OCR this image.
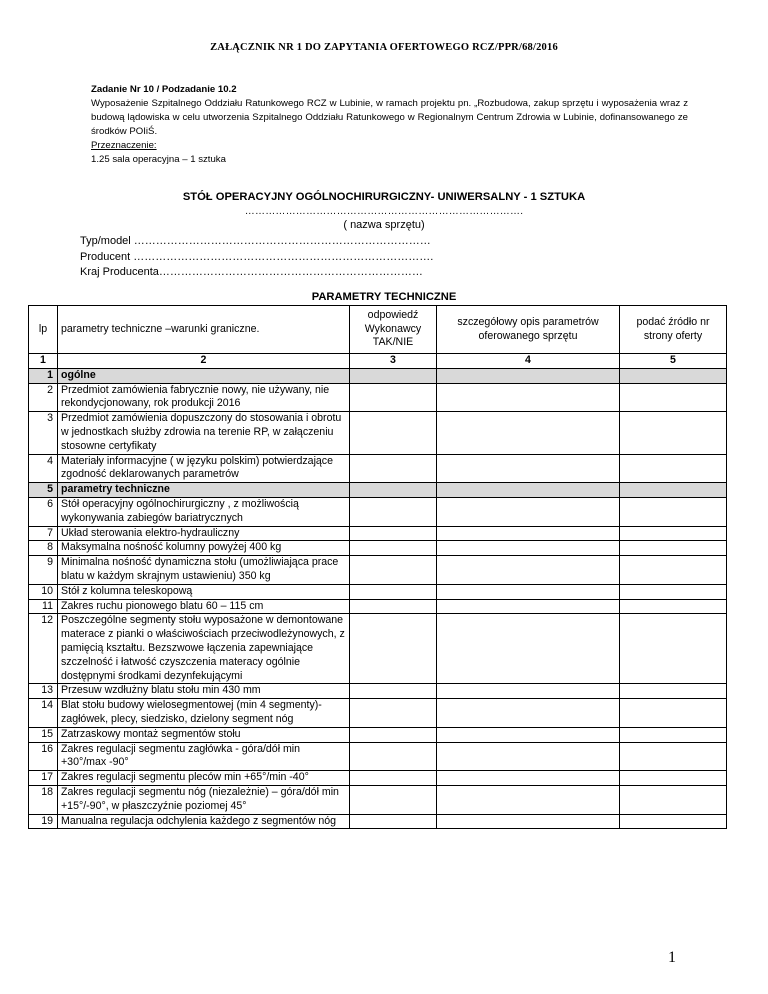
ZAŁĄCZNIK NR 1 DO ZAPYTANIA OFERTOWEGO RCZ/PPR/68/2016
Zadanie Nr 10 / Podzadanie 10.2
Wyposażenie Szpitalnego Oddziału Ratunkowego RCZ w Lubinie, w ramach projektu pn. „Rozbudowa, zakup sprzętu i wyposażenia wraz z budową lądowiska w celu utworzenia Szpitalnego Oddziału Ratunkowego w Regionalnym Centrum Zdrowia w Lubinie, dofinansowanego ze środków POIiŚ.
Przeznaczenie:
1.25 sala operacyjna – 1 sztuka
STÓŁ OPERACYJNY OGÓLNOCHIRURGICZNY- UNIWERSALNY - 1 SZTUKA
……………………………………………………………………….
( nazwa sprzętu)
Typ/model ………………………………………………………………………
Producent ……………………………………………………………………….
Kraj Producenta………………………………………………………………
PARAMETRY TECHNICZNE
lp	parametry techniczne –warunki graniczne.	odpowiedź Wykonawcy TAK/NIE	szczegółowy opis parametrów oferowanego sprzętu	podać źródło nr strony oferty
1	2	3	4	5
1	ogólne			
2	Przedmiot zamówienia fabrycznie nowy, nie używany, nie rekondycjonowany, rok produkcji 2016			
3	Przedmiot zamówienia dopuszczony do stosowania i obrotu w jednostkach służby zdrowia na terenie RP, w załączeniu stosowne certyfikaty			
4	Materiały informacyjne ( w języku polskim) potwierdzające zgodność deklarowanych parametrów			
5	parametry techniczne			
6	Stół operacyjny ogólnochirurgiczny , z możliwością wykonywania zabiegów bariatrycznych			
7	Układ sterowania elektro-hydrauliczny			
8	Maksymalna nośność kolumny powyżej 400 kg			
9	Minimalna nośność dynamiczna stołu (umożliwiająca prace blatu w każdym skrajnym ustawieniu) 350 kg			
10	Stół z kolumna teleskopową			
11	Zakres ruchu pionowego blatu 60 – 115 cm			
12	Poszczególne segmenty stołu wyposażone w demontowane materace z pianki o właściwościach przeciwodleżynowych, z pamięcią kształtu. Bezszwowe łączenia zapewniające szczelność i łatwość czyszczenia materacy ogólnie dostępnymi środkami dezynfekującymi			
13	Przesuw wzdłużny blatu stołu min 430 mm			
14	Blat stołu budowy wielosegmentowej (min 4 segmenty)-zagłówek, plecy, siedzisko, dzielony segment nóg			
15	Zatrzaskowy montaż segmentów stołu			
16	Zakres regulacji segmentu zagłówka - góra/dół min +30°/max -90°			
17	Zakres regulacji segmentu pleców min +65°/min -40°			
18	Zakres regulacji segmentu nóg (niezależnie) – góra/dół min +15°/-90°, w płaszczyźnie poziomej 45°			
19	Manualna regulacja odchylenia każdego z segmentów nóg			
1
